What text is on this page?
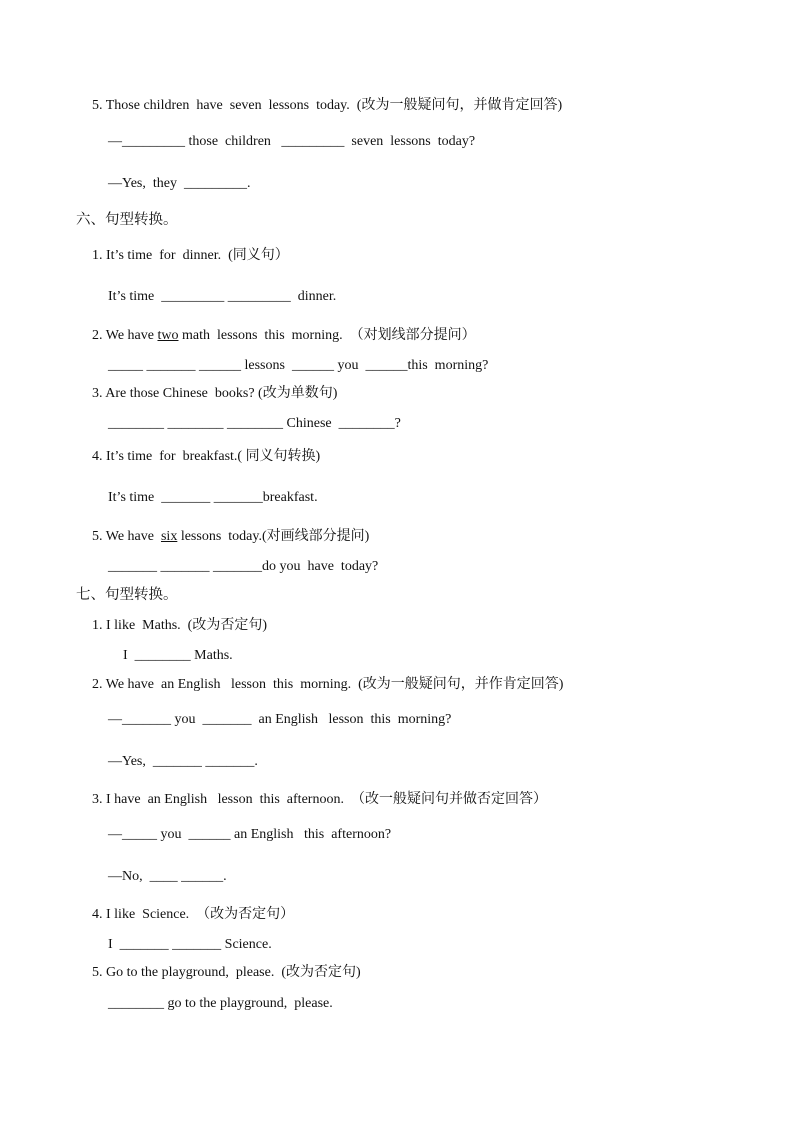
5. Those children  have  seven  lessons  today.  (改为一般疑问句，并做肯定回答)

—_________ those  children   _________  seven  lessons  today?

—Yes,  they  _________.

六、句型转换。

1. It’s time  for  dinner.  (同义句）

It’s time  _________ _________  dinner.

2. We have two math  lessons  this  morning.  （对划线部分提问）

_____ _______ ______ lessons  ______ you  ______this  morning?

3. Are those Chinese  books? (改为单数句)

________ ________ ________ Chinese  ________?

4. It’s time  for  breakfast.( 同义句转换)

It’s time  _______ _______breakfast.

5. We have  six lessons  today.(对画线部分提问)

_______ _______ _______do you  have  today?

七、句型转换。

1. I like  Maths.  (改为否定句)

I  ________ Maths.

2. We have  an English   lesson  this  morning.  (改为一般疑问句，并作肯定回答)

—_______ you  _______  an English   lesson  this  morning?

—Yes,  _______ _______.

3. I have  an English   lesson  this  afternoon.  （改一般疑问句并做否定回答）

—_____ you  ______ an English   this  afternoon?

—No,  ____ ______.

4. I like  Science.  （改为否定句）

I  _______ _______ Science.

5. Go to the playground,  please.  (改为否定句)

________ go to the playground,  please.
